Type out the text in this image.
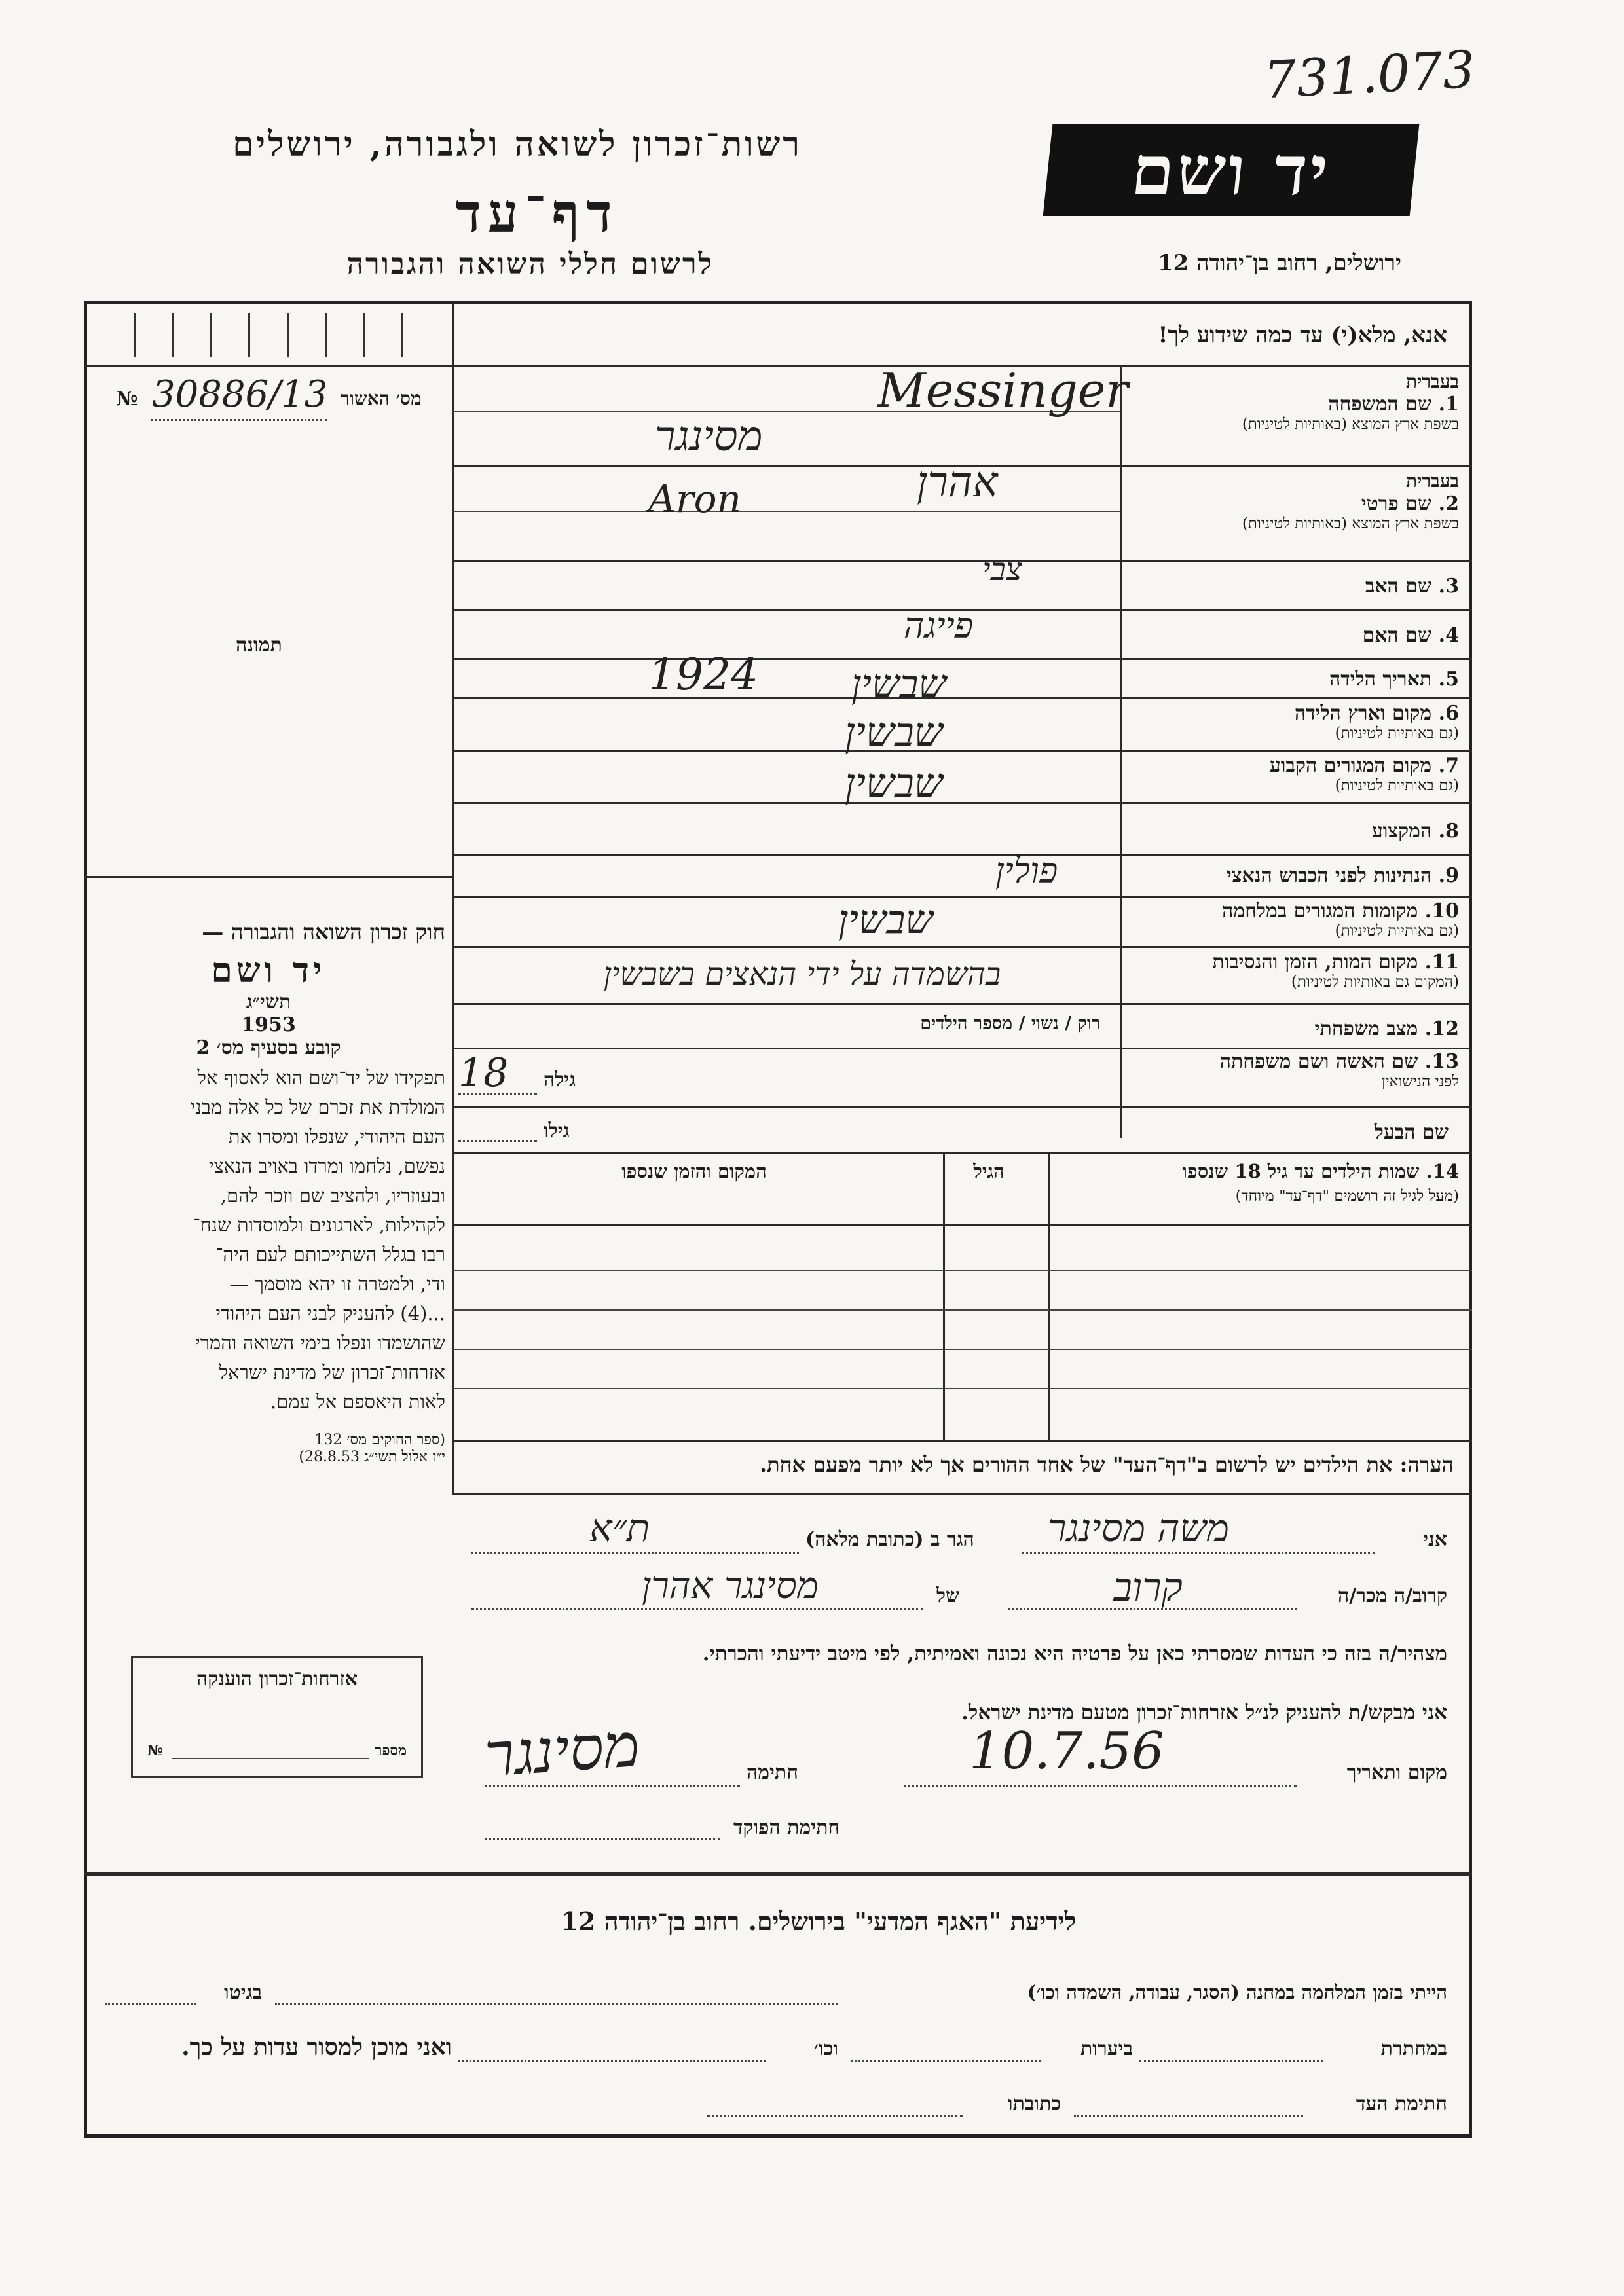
731.073
רשות־זכרון לשואה ולגבורה, ירושלים
דף־עד
לרשום חללי השואה והגבורה
יד ושם
ירושלים, רחוב בן־יהודה 12
אנא, מלא(י) עד כמה שידוע לך!
№ 30886/13 מס׳ האשור
תמונה
חוק זכרון השואה והגבורה —
יד ושם
תשי״ג
1953
קובע בסעיף מס׳ 2
תפקידו של יד־ושם הוא לאסוף אל
המולדת את זכרם של כל אלה מבני
העם היהודי, שנפלו ומסרו את
נפשם, נלחמו ומרדו באויב הנאצי
ובעוזריו, ולהציב שם וזכר להם,
לקהילות, לארגונים ולמוסדות שנח־
רבו בגלל השתייכותם לעם היה־
ודי, ולמטרה זו יהא מוסמך —
...(4) להעניק לבני העם היהודי
שהושמדו ונפלו בימי השואה והמרי
אזרחות־זכרון של מדינת ישראל
לאות היאספם אל עמם.
(ספר החוקים מס׳ 132
י״ז אלול תשי״ג 28.8.53)
אזרחות־זכרון הוענקה
№	מספר
בעברית
1. שם המשפחה
בשפת ארץ המוצא (באותיות לטיניות)
בעברית
2. שם פרטי
בשפת ארץ המוצא (באותיות לטיניות)
3. שם האב
4. שם האם
5. תאריך הלידה
6. מקום וארץ הלידה
(גם באותיות לטיניות)
7. מקום המגורים הקבוע
(גם באותיות לטיניות)
8. המקצוע
9. הנתינות לפני הכבוש הנאצי
10. מקומות המגורים במלחמה
(גם באותיות לטיניות)
11. מקום המות, הזמן והנסיבות
(המקום גם באותיות לטיניות)
12. מצב משפחתי
13. שם האשה ושם משפחתה
לפני הנישואין
שם הבעל
רוק / נשוי / מספר הילדים
גילה
גילו
Messinger
מסינגר
אהרן
Aron
צבי
פייגה
1924 שבשין
שבשין
שבשין
פולין
שבשין
בהשמדה על ידי הנאצים בשבשין
18
14. שמות הילדים עד גיל 18 שנספו
(מעל לגיל זה רושמים "דף־עד" מיוחד)
הגיל
המקום והזמן שנספו
הערה: את הילדים יש לרשום ב"דף־העד" של אחד ההורים אך לא יותר מפעם אחת.
אני
הגר ב (כתובת מלאה) משה מסינגר
ת״א
קרוב/ה מכר/ה
של	קרוב
מסינגר אהרן
מצהיר/ה בזה כי העדות שמסרתי כאן על פרטיה היא נכונה ואמיתית, לפי מיטב ידיעתי והכרתי.
אני מבקש/ת להעניק לנ״ל אזרחות־זכרון מטעם מדינת ישראל.
מקום ותאריך
10.7.56
חתימה
מסינגר
חתימת הפוקד
לידיעת "האגף המדעי" בירושלים. רחוב בן־יהודה 12
הייתי בזמן המלחמה במחנה (הסגר, עבודה, השמדה וכו׳)
בגיטו
במחתרת
ביערות
וכו׳
ואני מוכן למסור עדות על כך.
חתימת העד
כתובתו
